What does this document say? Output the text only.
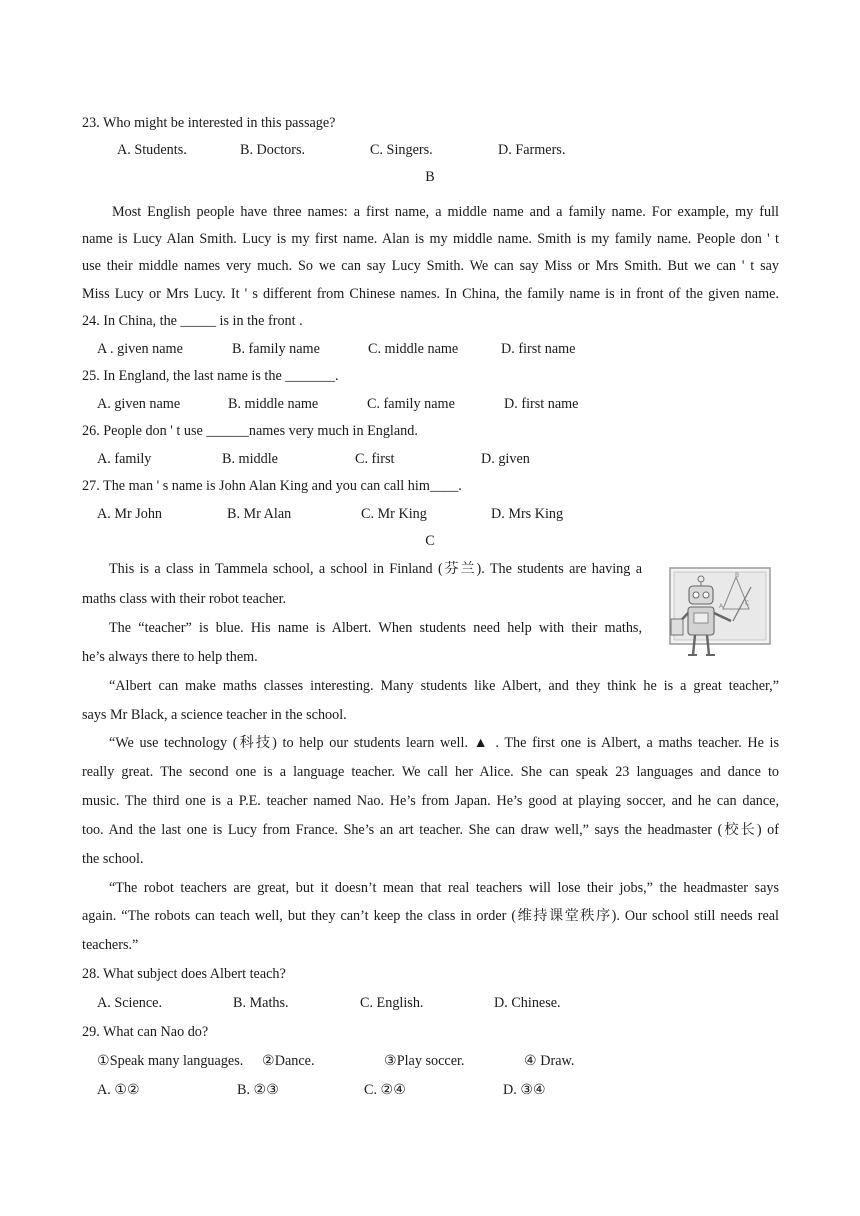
23. Who might be interested in this passage?
A. Students.	B. Doctors.	C. Singers.	D. Farmers.
B
Most English people have three names: a first name, a middle name and a family name. For example, my full
name is Lucy Alan Smith. Lucy is my first name. Alan is my middle name. Smith is my family name. People don ' t
use their middle names very much. So we can say Lucy Smith. We can say Miss or Mrs Smith. But we can ' t say
Miss Lucy or Mrs Lucy. It ' s different from Chinese names. In China, the family name is in front of the given name.
24. In China, the _____ is in the front .
A . given name	B. family name	C. middle name	D. first name
25. In England, the last name is the _______.
A. given name	B. middle name	C. family name	D. first name
26. People don ' t use ______names very much in England.
A. family	B. middle	C. first	D. given
27. The man ' s name is John Alan King and you can call him____.
A. Mr John	B. Mr Alan	C. Mr King	D. Mrs King
C
This is a class in Tammela school, a school in Finland (芬兰). The students are having a
maths class with their robot teacher.
The “teacher” is blue. His name is Albert. When students need help with their maths,
he’s always there to help them.
A	C
B
“Albert can make maths classes interesting. Many students like Albert, and they think he is a great teacher,”
says Mr Black, a science teacher in the school.
“We use technology (科技) to help our students learn well. ▲ . The first one is Albert, a maths teacher. He is
really great. The second one is a language teacher. We call her Alice. She can speak 23 languages and dance to
music. The third one is a P.E. teacher named Nao. He’s from Japan. He’s good at playing soccer, and he can dance,
too. And the last one is Lucy from France. She’s an art teacher. She can draw well,” says the headmaster (校长) of
the school.
“The robot teachers are great, but it doesn’t mean that real teachers will lose their jobs,” the headmaster says
again. “The robots can teach well, but they can’t keep the class in order (维持课堂秩序). Our school still needs real
teachers.”
28. What subject does Albert teach?
A. Science.	B. Maths.	C. English.	D. Chinese.
29. What can Nao do?
①Speak many languages. ②Dance.	③Play soccer.	④ Draw.
A. ①②	B. ②③	C. ②④	D. ③④
